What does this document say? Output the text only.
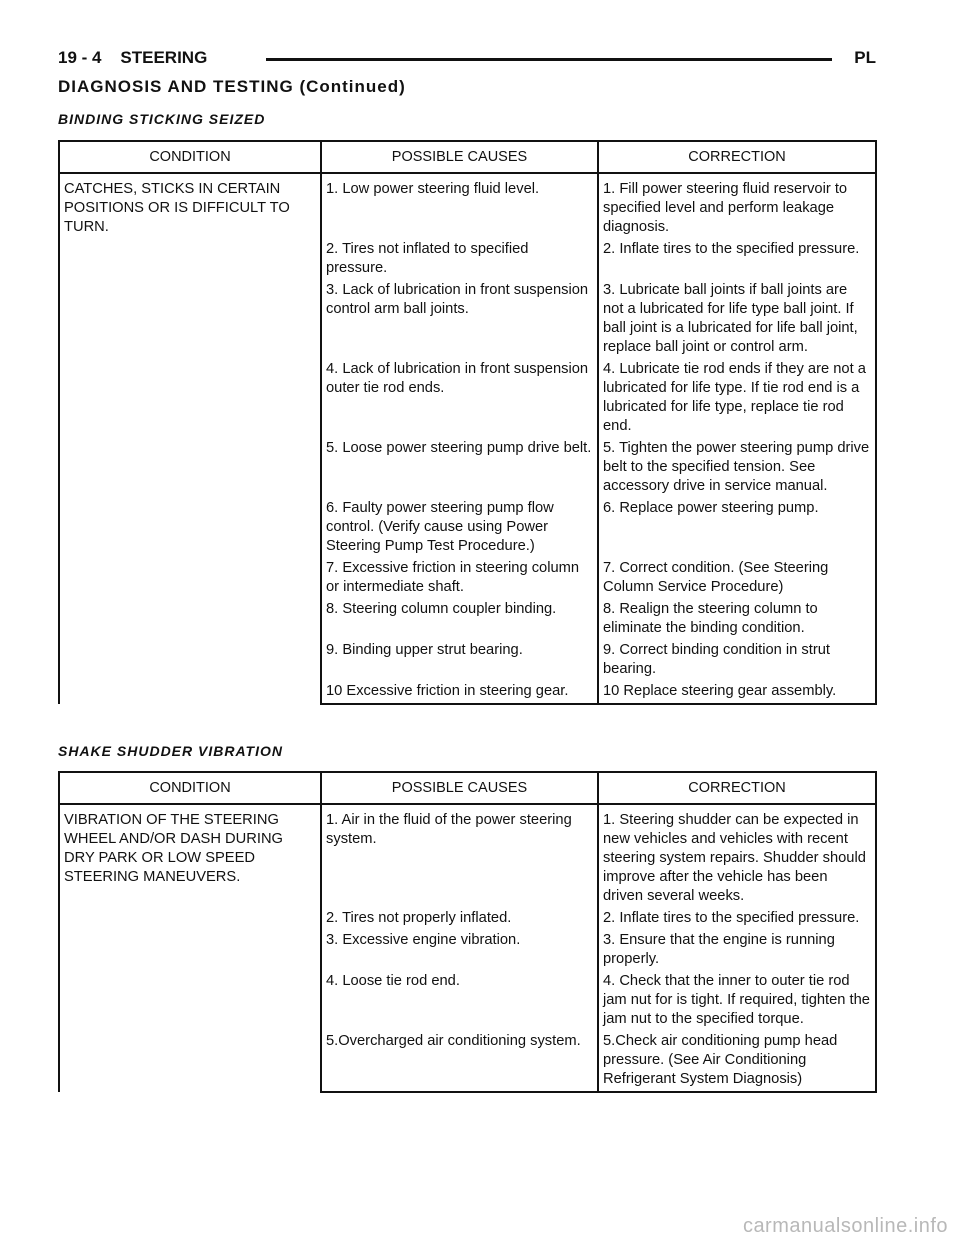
19 - 4 STEERING	PL
DIAGNOSIS AND TESTING (Continued)
BINDING STICKING SEIZED
CONDITION	POSSIBLE CAUSES	CORRECTION
CATCHES, STICKS IN CERTAIN POSITIONS OR IS DIFFICULT TO TURN.	1. Low power steering fluid level.	1. Fill power steering fluid reservoir to specified level and perform leakage diagnosis.
	2. Tires not inflated to specified pressure.	2. Inflate tires to the specified pressure.
	3. Lack of lubrication in front suspension control arm ball joints.	3. Lubricate ball joints if ball joints are not a lubricated for life type ball joint. If ball joint is a lubricated for life ball joint, replace ball joint or control arm.
	4. Lack of lubrication in front suspension outer tie rod ends.	4. Lubricate tie rod ends if they are not a lubricated for life type. If tie rod end is a lubricated for life type, replace tie rod end.
	5. Loose power steering pump drive belt.	5. Tighten the power steering pump drive belt to the specified tension. See accessory drive in service manual.
	6. Faulty power steering pump flow control. (Verify cause using Power Steering Pump Test Procedure.)	6. Replace power steering pump.
	7. Excessive friction in steering column or intermediate shaft.	7. Correct condition. (See Steering Column Service Procedure)
	8. Steering column coupler binding.	8. Realign the steering column to eliminate the binding condition.
	9. Binding upper strut bearing.	9. Correct binding condition in strut bearing.
	10 Excessive friction in steering gear.	10 Replace steering gear assembly.
SHAKE SHUDDER VIBRATION
CONDITION	POSSIBLE CAUSES	CORRECTION
VIBRATION OF THE STEERING WHEEL AND/OR DASH DURING DRY PARK OR LOW SPEED STEERING MANEUVERS.	1. Air in the fluid of the power steering system.	1. Steering shudder can be expected in new vehicles and vehicles with recent steering system repairs. Shudder should improve after the vehicle has been driven several weeks.
	2. Tires not properly inflated.	2. Inflate tires to the specified pressure.
	3. Excessive engine vibration.	3. Ensure that the engine is running properly.
	4. Loose tie rod end.	4. Check that the inner to outer tie rod jam nut for is tight. If required, tighten the jam nut to the specified torque.
	5.Overcharged air conditioning system.	5.Check air conditioning pump head pressure. (See Air Conditioning Refrigerant System Diagnosis)
carmanualsonline.info
